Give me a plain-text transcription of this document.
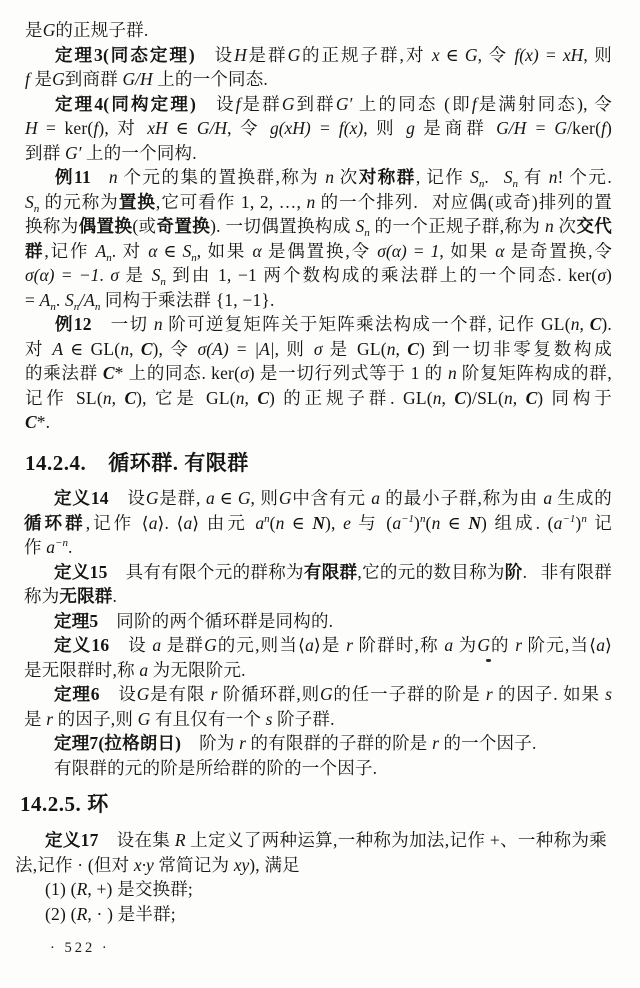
是G的正规子群.
定理3(同态定理)  设H是群G的正规子群,对 x ∈ G, 令 f(x) = xH, 则
f 是G到商群 G/H 上的一个同态.
定理4(同构定理)  设f是群G到群G′ 上的同态 (即f是满射同态), 令
H = ker(f), 对 xH ∈ G/H, 令 g(xH) = f(x), 则 g 是商群 G/H = G/ker(f)
到群 G′ 上的一个同构.
例11   n 个元的集的置换群,称为 n 次对称群, 记作 $S_n$.  $S_n$ 有 n! 个元.
$S_n$ 的元称为置换,它可看作 1, 2, …, n 的一个排列.  对应偶(或奇)排列的置
换称为偶置换(或奇置换). 一切偶置换构成 $S_n$ 的一个正规子群,称为 n 次交代
群,记作 $A_n$. 对 α ∈ $S_n$, 如果 α 是偶置换,令 σ(α) = 1, 如果 α 是奇置换,令
σ(α) = −1. σ 是 $S_n$ 到由 1, −1 两个数构成的乘法群上的一个同态. ker(σ)
= $A_n$. $S_n/A_n$ 同构于乘法群 {1, −1}.
例12  一切 n 阶可逆复矩阵关于矩阵乘法构成一个群, 记作 GL(n, C).
对 A ∈ GL(n, C), 令 σ(A) = |A|, 则 σ 是 GL(n, C) 到一切非零复数构成
的乘法群 C* 上的同态. ker(σ) 是一切行列式等于 1 的 n 阶复矩阵构成的群,
记作 SL(n, C), 它是 GL(n, C) 的正规子群. GL(n, C)/SL(n, C) 同构于
C*.
14.2.4. 循环群. 有限群
定义14  设G是群, a ∈ G, 则G中含有元 a 的最小子群,称为由 a 生成的
循环群,记作 ⟨a⟩. ⟨a⟩ 由元 $a^n(n$ ∈ N), e 与 $(a^{-1})^n(n$ ∈ N) 组成. $(a^{-1})^n$ 记
作 $a^{-n}$.
定义15  具有有限个元的群称为有限群,它的元的数目称为阶.  非有限群
称为无限群.
定理5  同阶的两个循环群是同构的.
定义16  设 a 是群G的元,则当⟨a⟩是 r 阶群时,称 a 为G的 r 阶元,当⟨a⟩
是无限群时,称 a 为无限阶元.
定理6  设G是有限 r 阶循环群,则G的任一子群的阶是 r 的因子. 如果 s
是 r 的因子,则 G 有且仅有一个 s 阶子群.
定理7(拉格朗日)  阶为 r 的有限群的子群的阶是 r 的一个因子.
有限群的元的阶是所给群的阶的一个因子.
14.2.5. 环
定义17  设在集 R 上定义了两种运算,一种称为加法,记作 +、一种称为乘
法,记作 · (但对 x·y 常简记为 xy), 满足
(1) (R, +) 是交换群;
(2) (R, · ) 是半群;
· 522 ·
